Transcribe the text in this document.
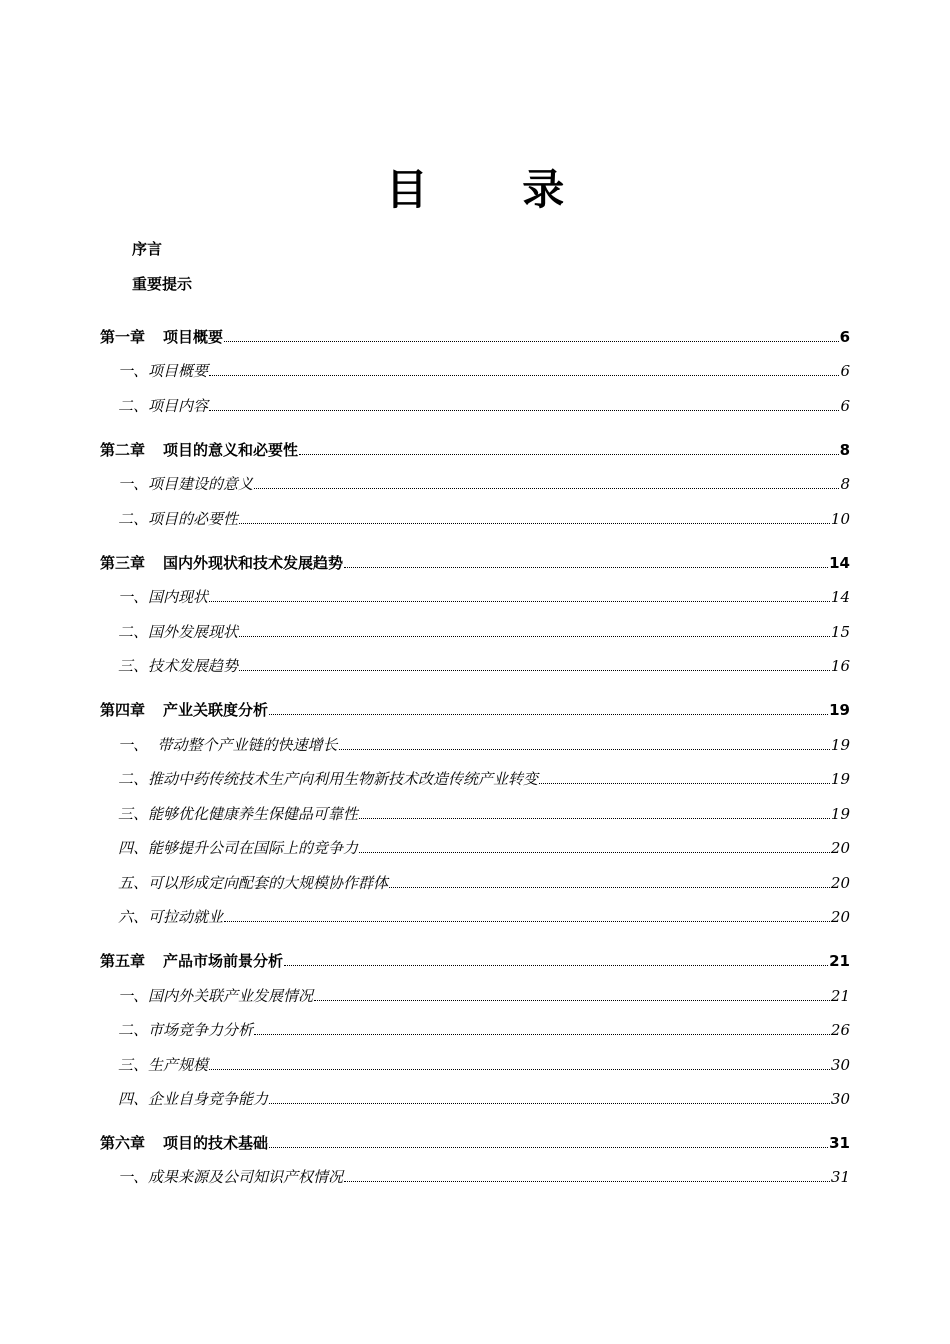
目 录
序言
重要提示
第一章 项目概要	6
一、 项目概要	6
二、 项目内容	6
第二章 项目的意义和必要性	8
一、 项目建设的意义	8
二、 项目的必要性	10
第三章 国内外现状和技术发展趋势	14
一、 国内现状	14
二、 国外发展现状	15
三、 技术发展趋势	16
第四章 产业关联度分析	19
一、 带动整个产业链的快速增长	19
二、 推动中药传统技术生产向利用生物新技术改造传统产业转变	19
三、 能够优化健康养生保健品可靠性	19
四、 能够提升公司在国际上的竞争力	20
五、 可以形成定向配套的大规模协作群体	20
六、 可拉动就业	20
第五章 产品市场前景分析	21
一、 国内外关联产业发展情况	21
二、 市场竞争力分析	26
三、 生产规模	30
四、 企业自身竞争能力	30
第六章 项目的技术基础	31
一、 成果来源及公司知识产权情况	31
